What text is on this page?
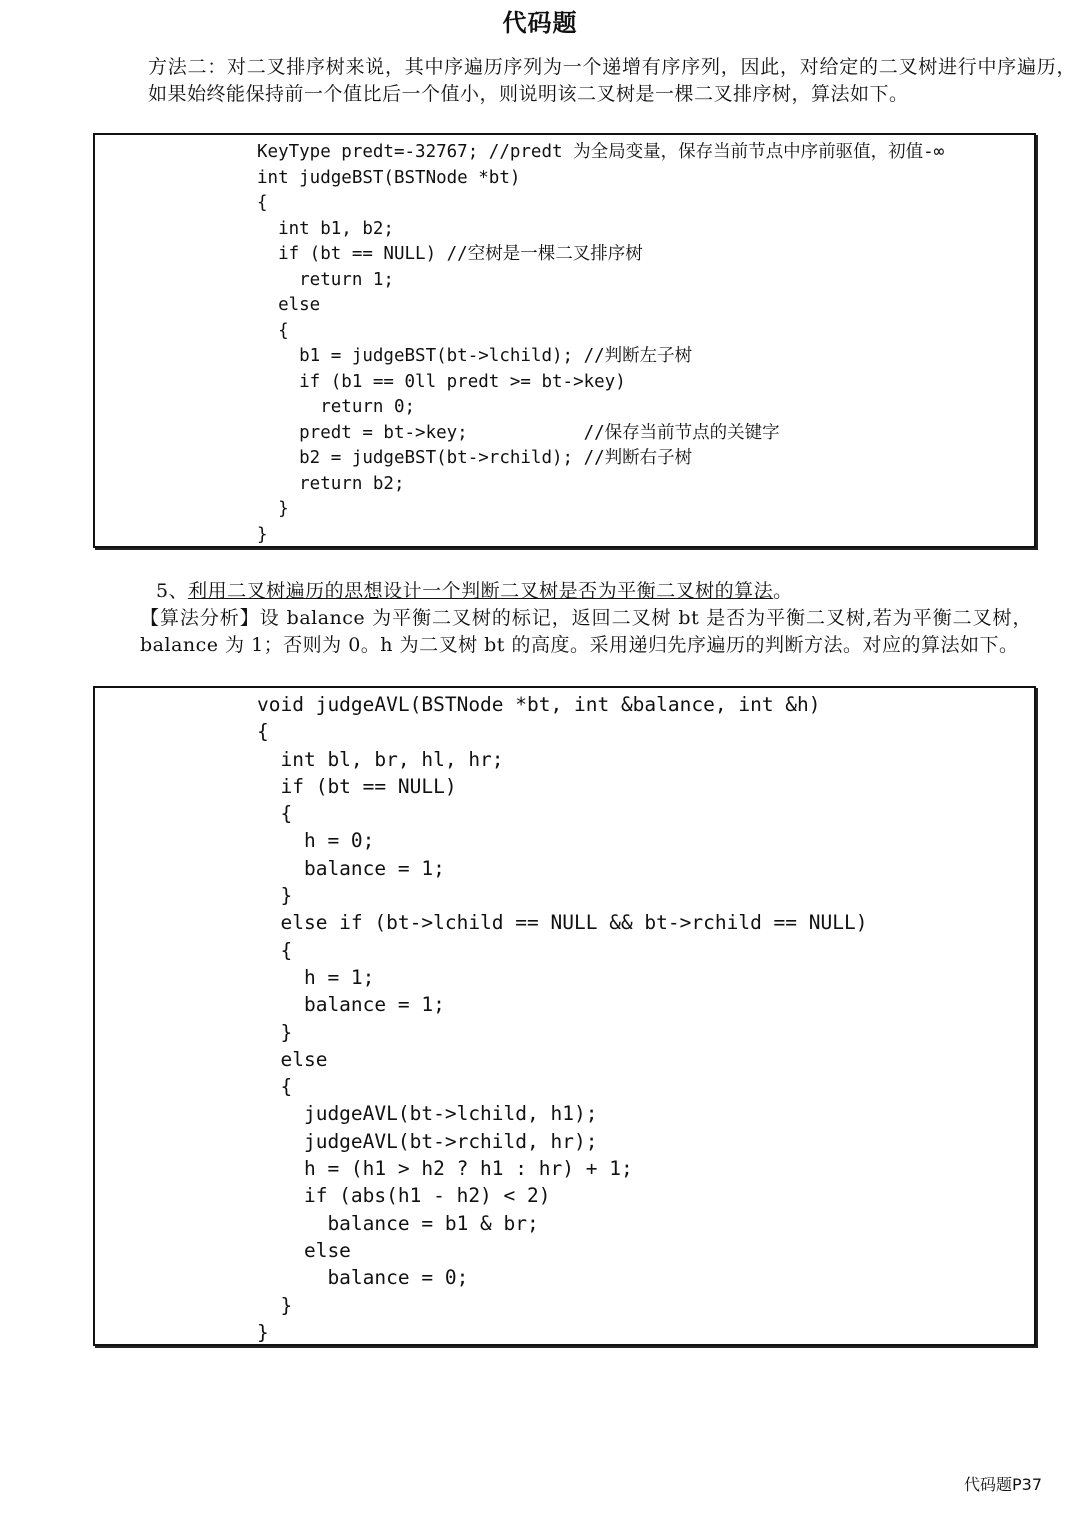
代码题
方法二：对二叉排序树来说，其中序遍历序列为一个递增有序序列，因此，对给定的二叉树进行中序遍历，如果始终能保持前一个值比后一个值小，则说明该二叉树是一棵二叉排序树，算法如下。
KeyType predt=-32767; //predt 为全局变量，保存当前节点中序前驱值，初值-∞
int judgeBST(BSTNode *bt)
{
int b1, b2;
if (bt == NULL) //空树是一棵二叉排序树
return 1;
else
{
b1 = judgeBST(bt->lchild); //判断左子树
if (b1 == 0ll predt >= bt->key)
return 0;
predt = bt->key;           //保存当前节点的关键字
b2 = judgeBST(bt->rchild); //判断右子树
return b2;
}
}
5、利用二叉树遍历的思想设计一个判断二叉树是否为平衡二叉树的算法。
【算法分析】设 balance 为平衡二叉树的标记，返回二叉树 bt 是否为平衡二叉树,若为平衡二叉树，balance 为 1；否则为 0。h 为二叉树 bt 的高度。采用递归先序遍历的判断方法。对应的算法如下。
void judgeAVL(BSTNode *bt, int &balance, int &h)
{
int bl, br, hl, hr;
if (bt == NULL)
{
h = 0;
balance = 1;
}
else if (bt->lchild == NULL && bt->rchild == NULL)
{
h = 1;
balance = 1;
}
else
{
judgeAVL(bt->lchild, h1);
judgeAVL(bt->rchild, hr);
h = (h1 > h2 ? h1 : hr) + 1;
if (abs(h1 - h2) < 2)
balance = b1 & br;
else
balance = 0;
}
}
代码题P37
